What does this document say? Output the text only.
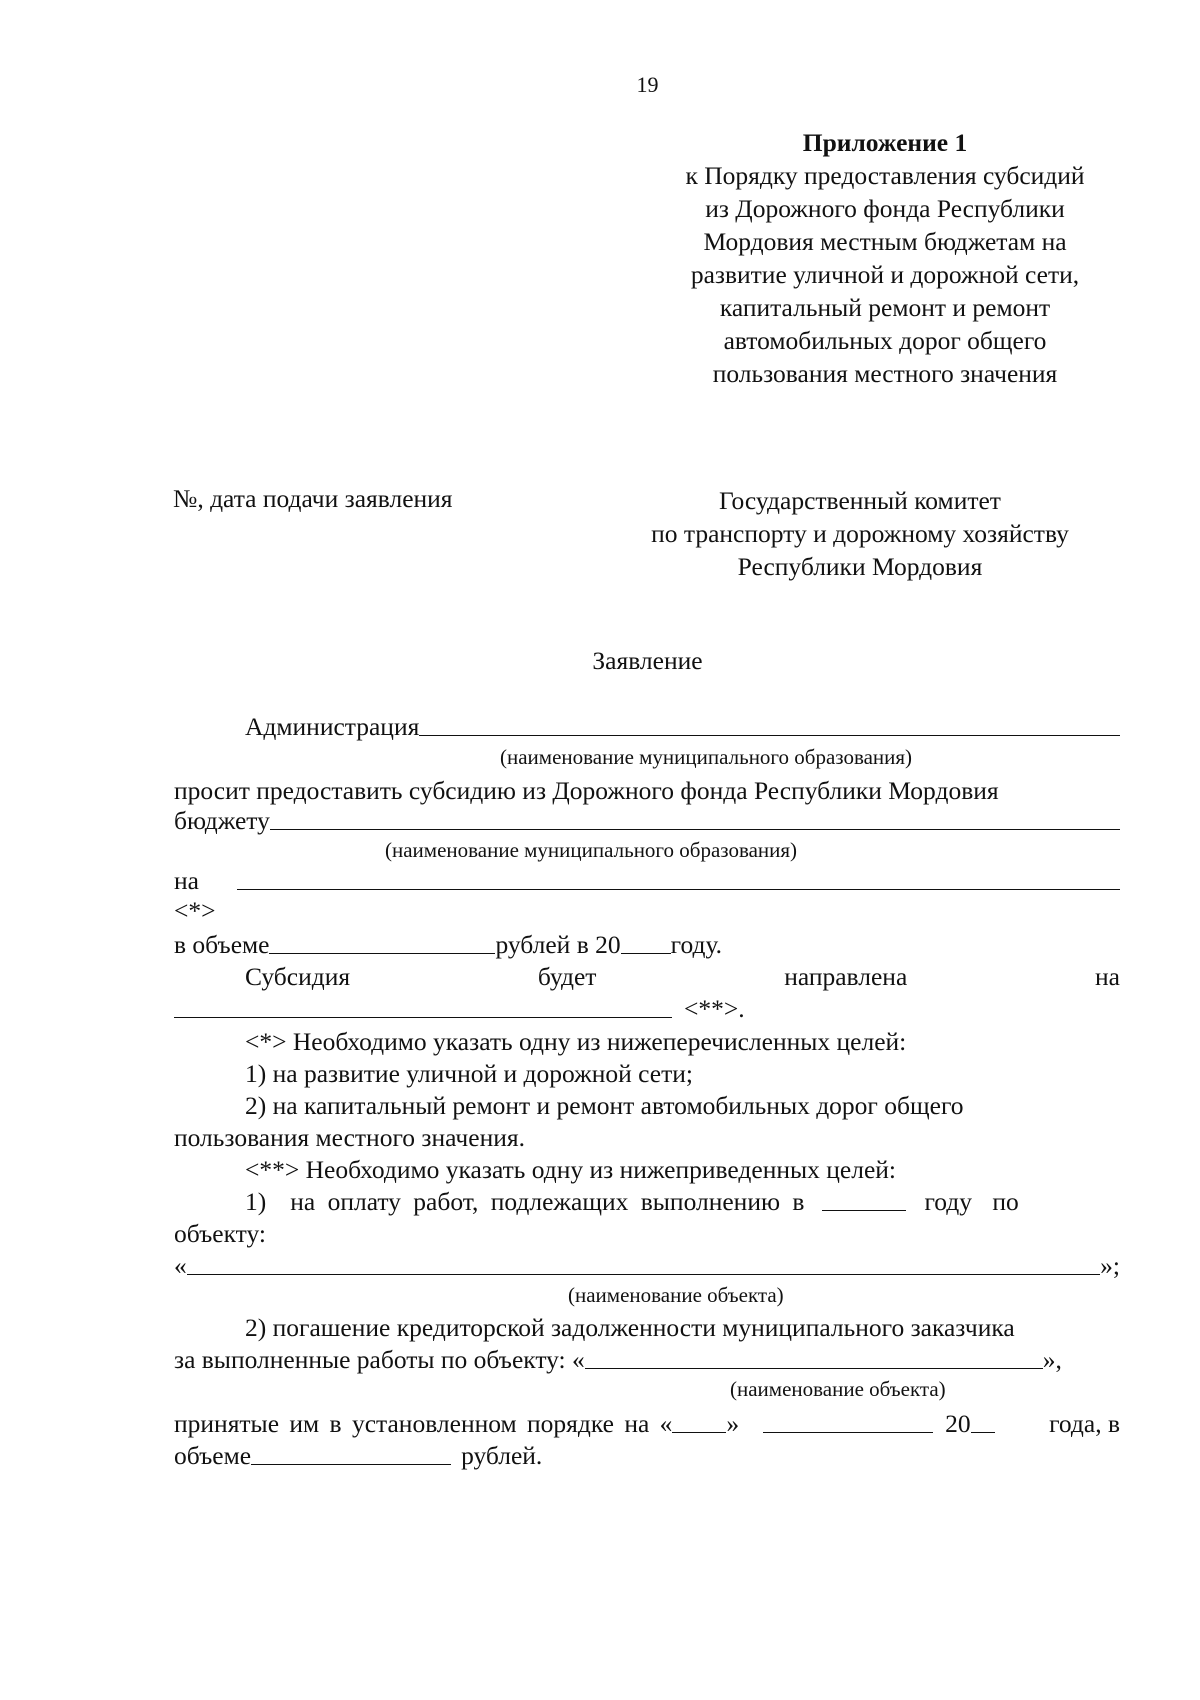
19
Приложение 1
к Порядку предоставления субсидий
из Дорожного фонда Республики
Мордовия местным бюджетам на
развитие уличной и дорожной сети,
капитальный ремонт и ремонт
автомобильных дорог общего
пользования местного значения
№, дата подачи заявления	Государственный комитет
по транспорту и дорожному хозяйству
Республики Мордовия
Заявление
Администрация
(наименование муниципального образования)
просит предоставить субсидию из Дорожного фонда Республики Мордовия
бюджету
(наименование муниципального образования)
на
<*>
в объеме	рублей в 20 году.
Субсидия	будет	направлена	на
<**>.
<*> Необходимо указать одну из нижеперечисленных целей:
1) на развитие уличной и дорожной сети;
2) на капитальный ремонт и ремонт автомобильных дорог общего
пользования местного значения.
<**> Необходимо указать одну из нижеприведенных целей:
1) на оплату работ, подлежащих выполнению в	году по
объекту:
«	»;
(наименование объекта)
2) погашение кредиторской задолженности муниципального заказчика
за выполненные работы по объекту: «	»,
(наименование объекта)
принятые им в установленном порядке на « »	20	года, в
объеме	рублей.
